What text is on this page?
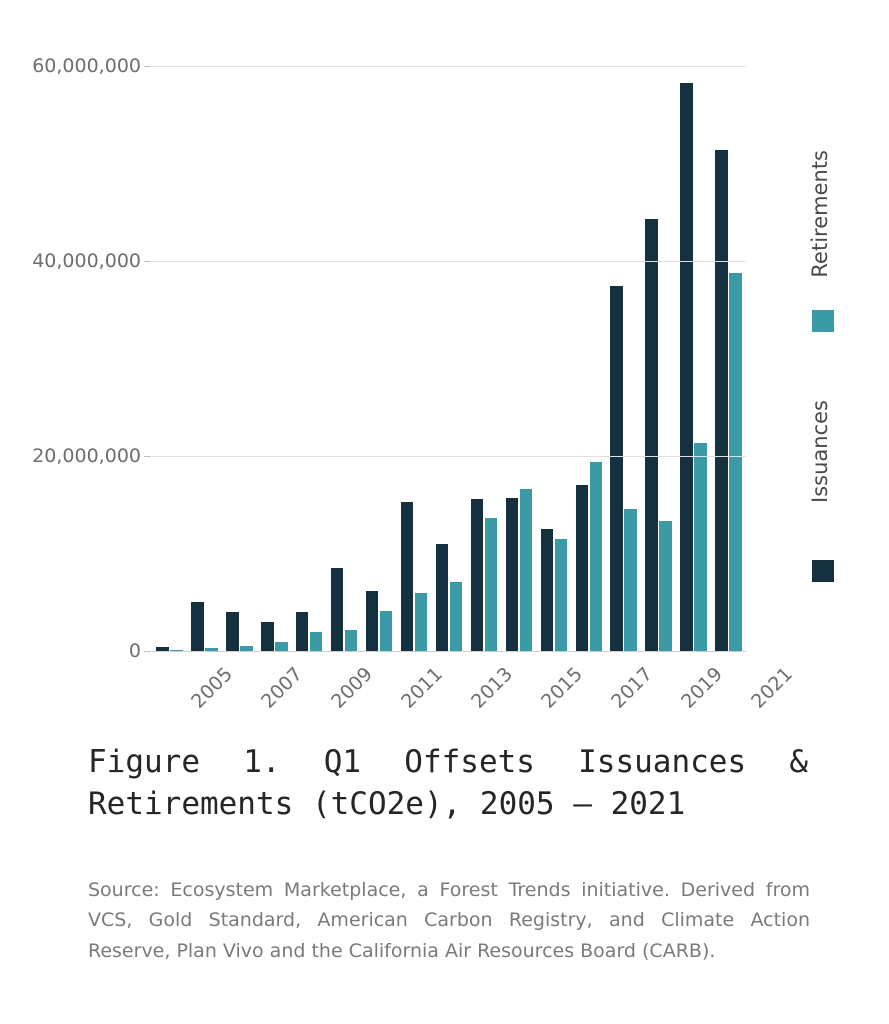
0
20,000,000
40,000,000
60,000,000
2005 2007 2009 2011 2013 2015 2017 2019 2021
Retirements
Issuances
Figure 1. Q1 Offsets Issuances & Retirements (tCO2e), 2005 – 2021
Source: Ecosystem Marketplace, a Forest Trends initiative. Derived from VCS, Gold Standard, American Carbon Registry, and Climate Action Reserve, Plan Vivo and the California Air Resources Board (CARB).
